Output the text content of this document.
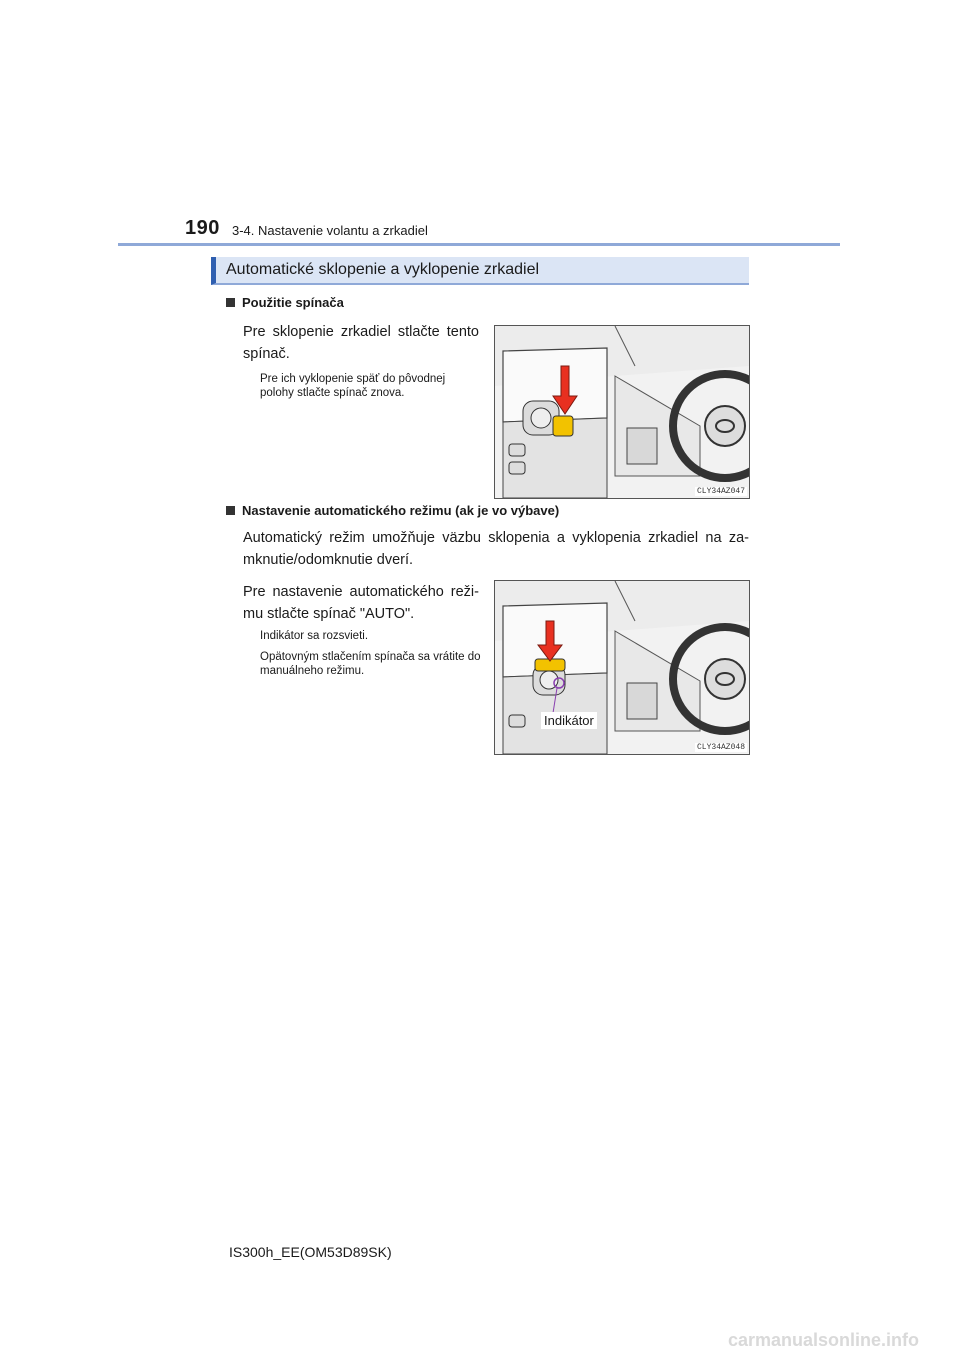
190 3-4. Nastavenie volantu a zrkadiel
Automatické sklopenie a vyklopenie zrkadiel
Použitie spínača
Pre sklopenie zrkadiel stlačte tento spínač.
Pre ich vyklopenie späť do pôvodnej polohy stlačte spínač znova.
CLY34AZ047
Nastavenie automatického režimu (ak je vo výbave)
Automatický režim umožňuje väzbu sklopenia a vyklopenia zrkadiel na zamknutie/odomknutie dverí.
Pre nastavenie automatického režimu stlačte spínač "AUTO".
Indikátor sa rozsvieti.
Opätovným stlačením spínača sa vrátite do manuálneho režimu.
Indikátor
CLY34AZ048
IS300h_EE(OM53D89SK)
carmanualsonline.info
